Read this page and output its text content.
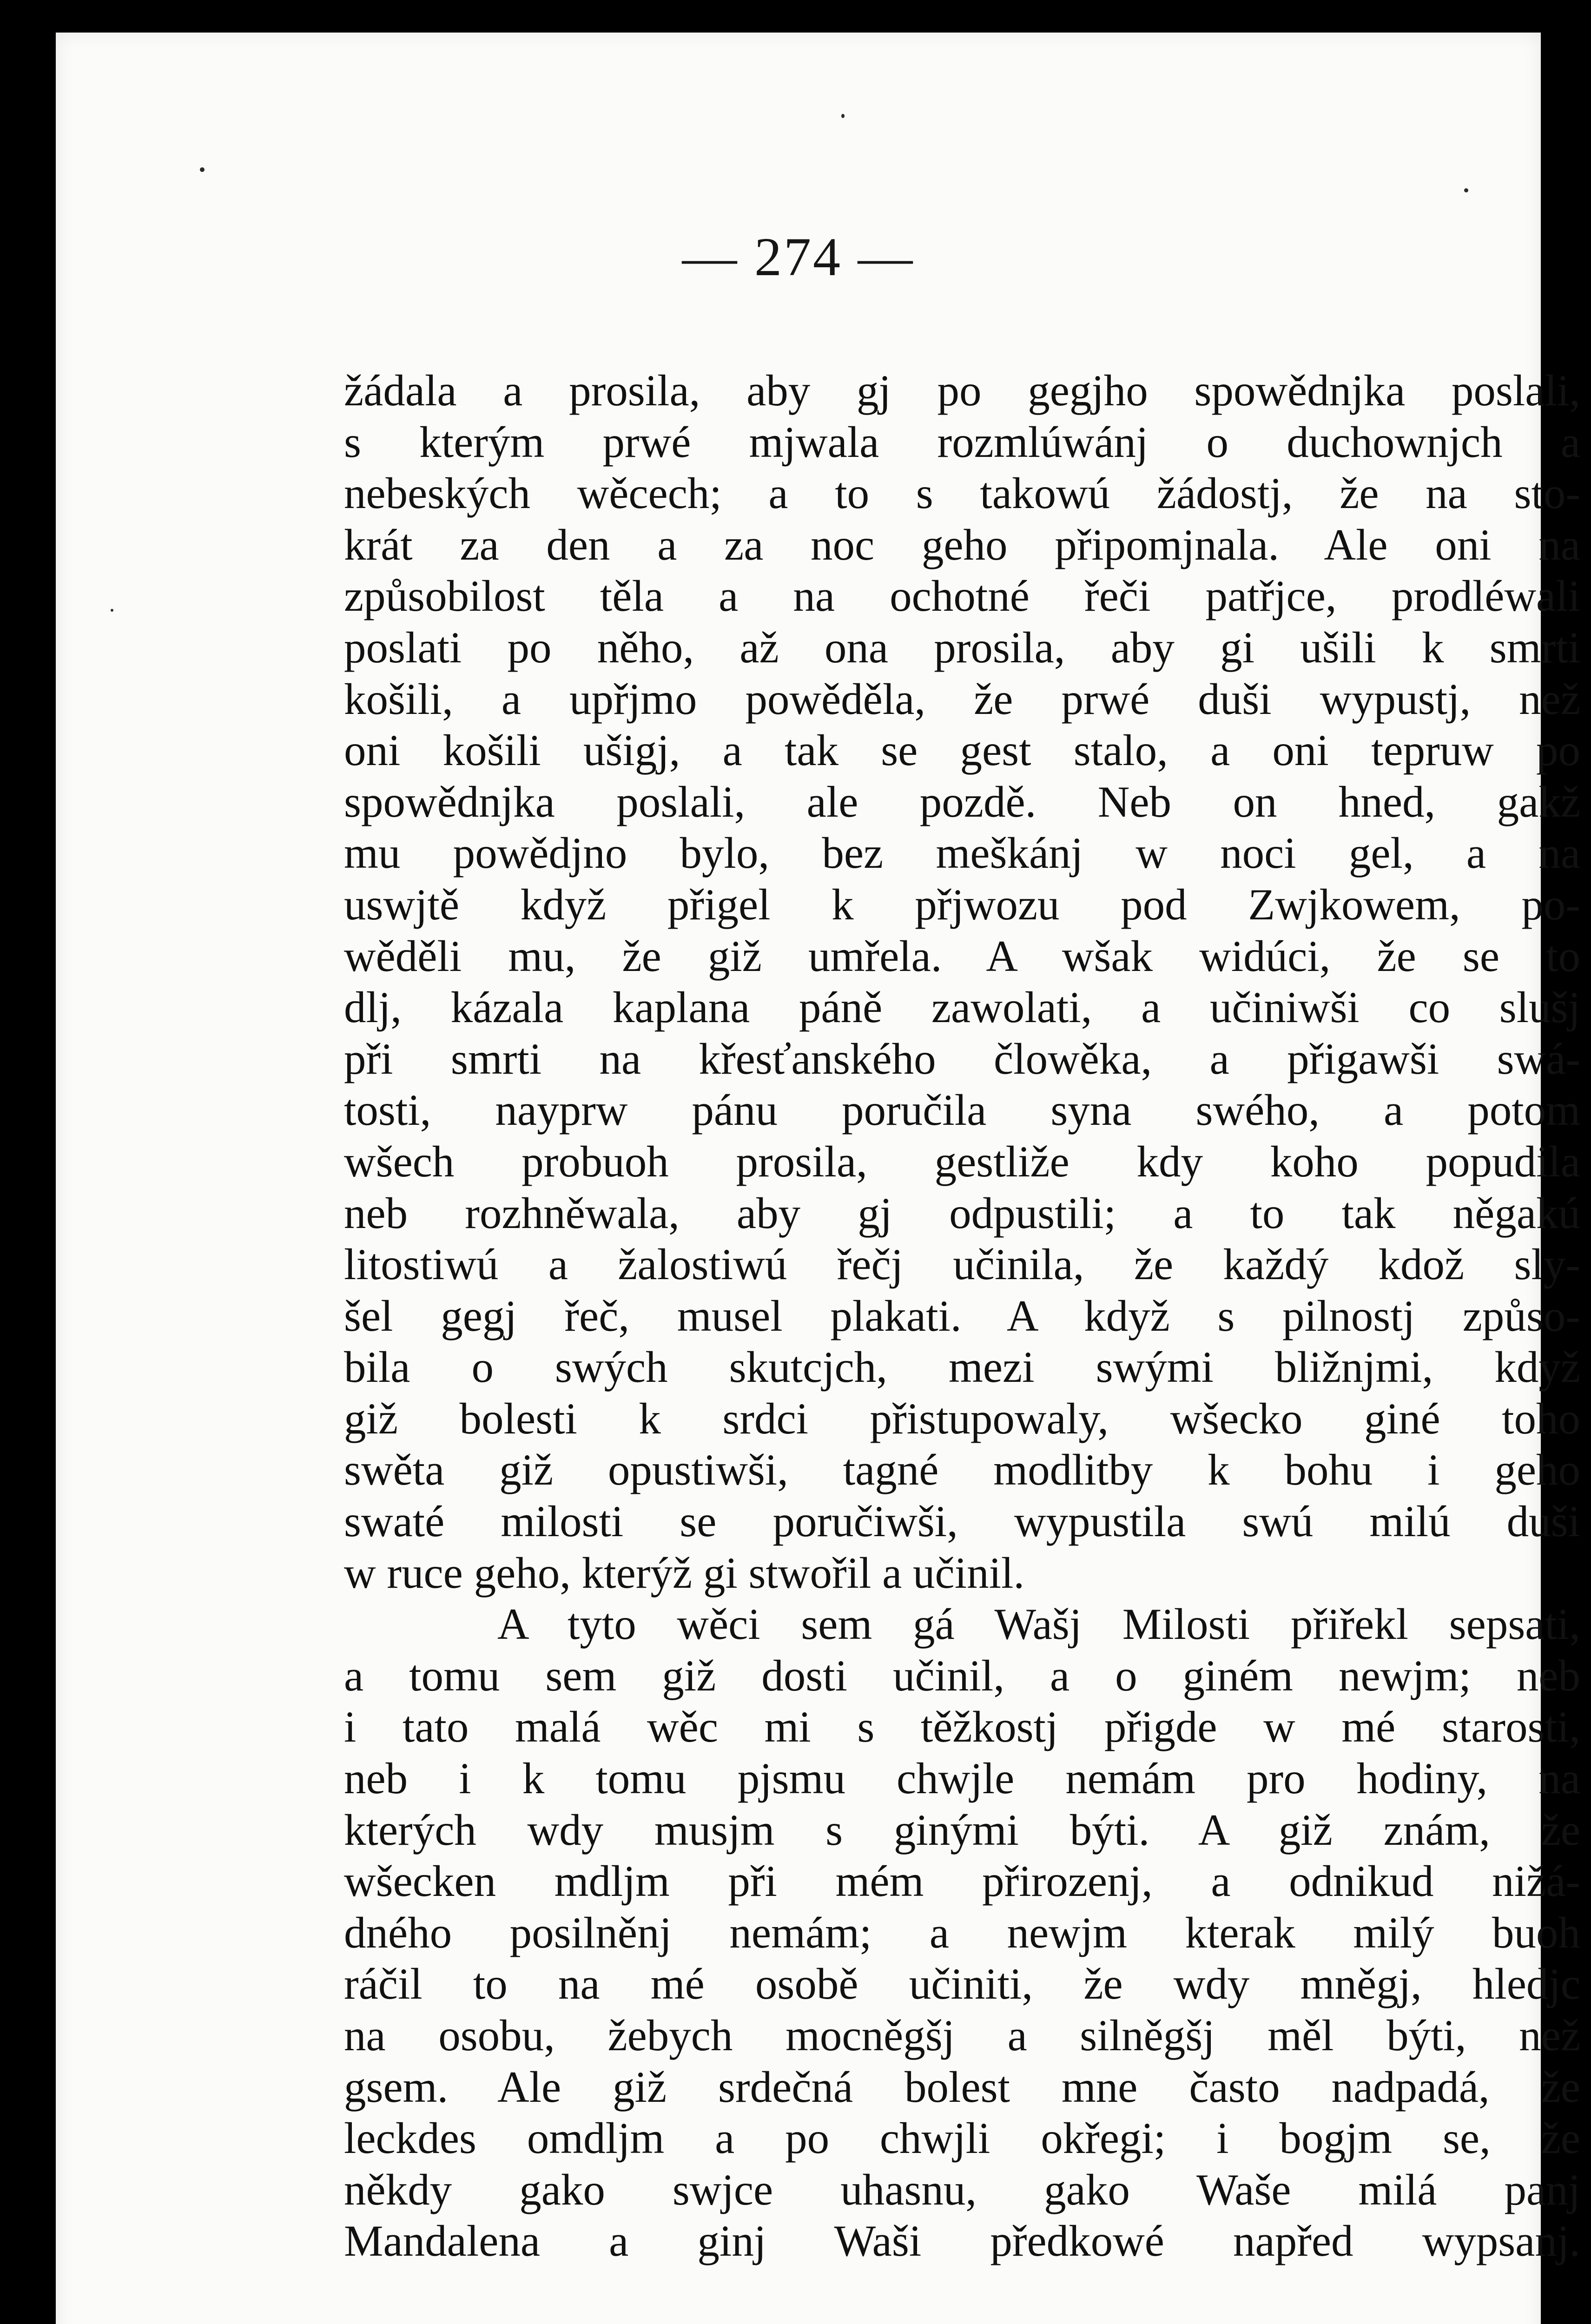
— 274 —
žádala a prosila, aby gj po gegjho spowědnjka poslali,
s kterým prwé mjwala rozmlúwánj o duchownjch a
nebeských wěcech; a to s takowú žádostj, že na sto-
krát za den a za noc geho připomjnala. Ale oni na
způsobilost těla a na ochotné řeči patřjce, prodléwali
poslati po něho, až ona prosila, aby gi ušili k smrti
košili, a upřjmo powěděla, že prwé duši wypustj, než
oni košili ušigj, a tak se gest stalo, a oni tepruw po
spowědnjka poslali, ale pozdě. Neb on hned, gakž
mu powědjno bylo, bez meškánj w noci gel, a na
uswjtě když přigel k přjwozu pod Zwjkowem, po-
wěděli mu, že giž umřela. A wšak widúci, že se to
dlj, kázala kaplana páně zawolati, a učiniwši co slušj
při smrti na křesťanského člowěka, a přigawši swá-
tosti, nayprw pánu poručila syna swého, a potom
wšech probuoh prosila, gestliže kdy koho popudila
neb rozhněwala, aby gj odpustili; a to tak něgakú
litostiwú a žalostiwú řečj učinila, že každý kdož sly-
šel gegj řeč, musel plakati. A když s pilnostj způso-
bila o swých skutcjch, mezi swými bližnjmi, když
giž bolesti k srdci přistupowaly, wšecko giné toho
swěta giž opustiwši, tagné modlitby k bohu i geho
swaté milosti se poručiwši, wypustila swú milú duši
w ruce geho, kterýž gi stwořil a učinil.
A tyto wěci sem gá Wašj Milosti přiřekl sepsati,
a tomu sem giž dosti učinil, a o giném newjm; neb
i tato malá wěc mi s těžkostj přigde w mé starosti,
neb i k tomu pjsmu chwjle nemám pro hodiny, na
kterých wdy musjm s ginými býti. A giž znám, že
wšecken mdljm při mém přirozenj, a odnikud nižá-
dného posilněnj nemám; a newjm kterak milý buoh
ráčil to na mé osobě učiniti, že wdy mněgj, hledjc
na osobu, žebych mocněgšj a silněgšj měl býti, než
gsem. Ale giž srdečná bolest mne často nadpadá, že
leckdes omdljm a po chwjli okřegi; i bogjm se, že
někdy gako swjce uhasnu, gako Waše milá panj
Mandalena a ginj Waši předkowé napřed wypsanj.
